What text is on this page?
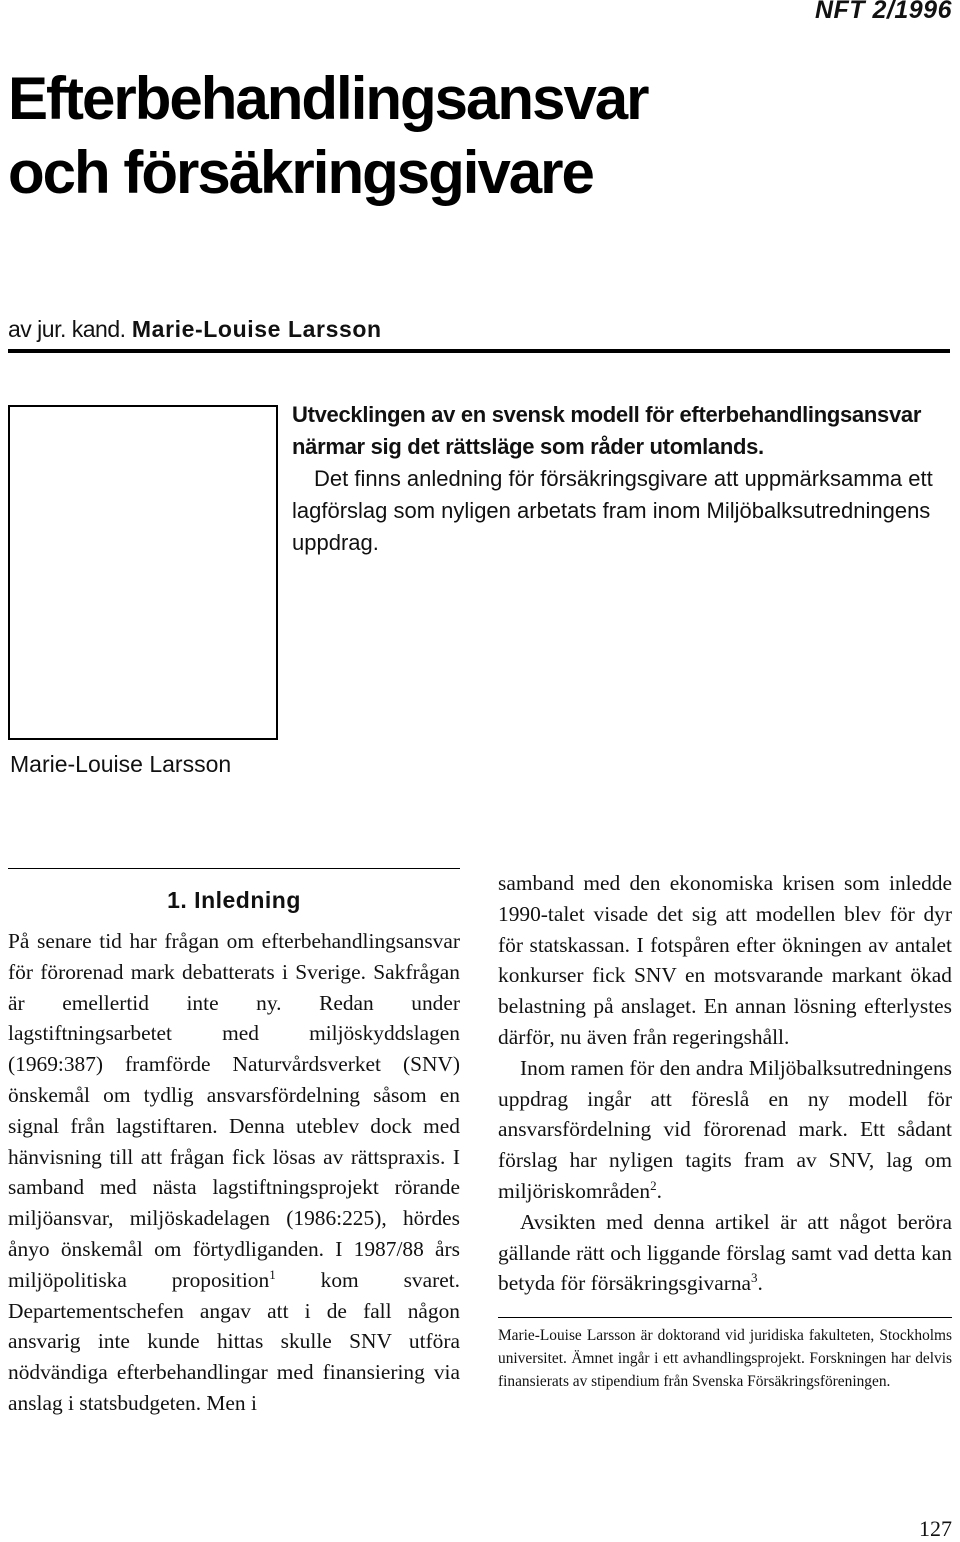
NFT 2/1996
Efterbehandlingsansvar
och försäkringsgivare
av jur. kand. Marie-Louise Larsson
Marie-Louise Larsson

Utvecklingen av en svensk modell för efterbehandlingsansvar närmar sig det rättsläge som råder utomlands.

Det finns anledning för försäkringsgivare att uppmärksamma ett lagförslag som nyligen arbetats fram inom Miljöbalksutredningens uppdrag.

1. Inledning

På senare tid har frågan om efterbehandlingsansvar för förorenad mark debatterats i Sverige. Sakfrågan är emellertid inte ny. Redan under lagstiftningsarbetet med miljöskyddslagen (1969:387) framförde Naturvårdsverket (SNV) önskemål om tydlig ansvarsfördelning såsom en signal från lagstiftaren. Denna uteblev dock med hänvisning till att frågan fick lösas av rättspraxis. I samband med nästa lagstiftningsprojekt rörande miljöansvar, miljöskadelagen (1986:225), hördes ånyo önskemål om förtydliganden. I 1987/88 års miljöpolitiska proposition$^1$ kom svaret. Departementschefen angav att i de fall någon ansvarig inte kunde hittas skulle SNV utföra nödvändiga efterbehandlingar med finansiering via anslag i statsbudgeten. Men i

samband med den ekonomiska krisen som inledde 1990-talet visade det sig att modellen blev för dyr för statskassan. I fotspåren efter ökningen av antalet konkurser fick SNV en motsvarande markant ökad belastning på anslaget. En annan lösning efterlystes därför, nu även från regeringshåll.

Inom ramen för den andra Miljöbalksutredningens uppdrag ingår att föreslå en ny modell för ansvarsfördelning vid förorenad mark. Ett sådant förslag har nyligen tagits fram av SNV, lag om miljöriskområden$^2$.

Avsikten med denna artikel är att något beröra gällande rätt och liggande förslag samt vad detta kan betyda för försäkringsgivarna$^3$.

Marie-Louise Larsson är doktorand vid juridiska fakulteten, Stockholms universitet. Ämnet ingår i ett avhandlingsprojekt. Forskningen har delvis finansierats av stipendium från Svenska Försäkringsföreningen.

127
